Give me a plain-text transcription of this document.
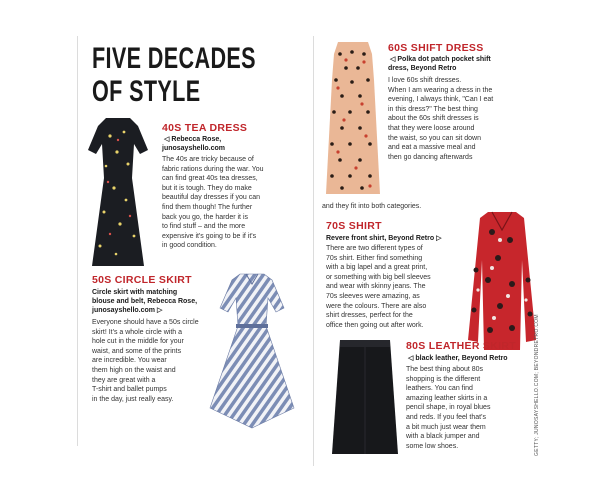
FIVE DECADES
OF STYLE
40S TEA DRESS
◁ Rebecca Rose,
junosayshello.com
The 40s are tricky because of
fabric rations during the war. You
can find great 40s tea dresses,
but it is tough. They do make
beautiful day dresses if you can
find them though! The further
back you go, the harder it is
to find stuff – and the more
expensive it's going to be if it's
in good condition.
50S CIRCLE SKIRT
Circle skirt with matching
blouse and belt, Rebecca Rose,
junosayshello.com ▷
Everyone should have a 50s circle
skirt! It's a whole circle with a
hole cut in the middle for your
waist, and some of the prints
are incredible. You wear
them high on the waist and
they are great with a
T-shirt and ballet pumps
in the day, just really easy.
60S SHIFT DRESS
◁ Polka dot patch pocket shift
dress, Beyond Retro
I love 60s shift dresses.
When I am wearing a dress in the
evening, I always think, "Can I eat
in this dress?" The best thing
about the 60s shift dresses is
that they were loose around
the waist, so you can sit down
and eat a massive meal and
then go dancing afterwards
and they fit into both categories.
70S SHIRT
Revere front shirt, Beyond Retro ▷
There are two different types of
70s shirt. Either find something
with a big lapel and a great print,
or something with big bell sleeves
and wear with skinny jeans. The
70s sleeves were amazing, as
were the colours. There are also
shirt dresses, perfect for the
office then going out after work.
80S LEATHER SKIRT
◁ black leather, Beyond Retro
The best thing about 80s
shopping is the different
leathers. You can find
amazing leather skirts in a
pencil shape, in royal blues
and reds. If you feel that's
a bit much just wear them
with a black jumper and
some low shoes.	GETTY; JUNOSAYSHELLO.COM; BEYONDRETRO.COM
